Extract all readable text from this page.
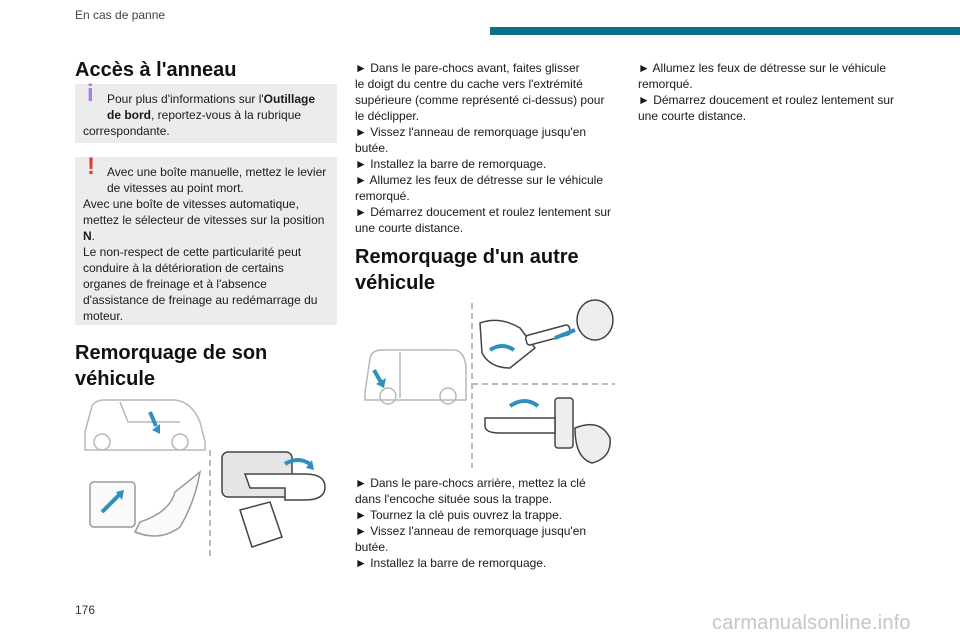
En cas de panne
Accès à l'anneau
i	Pour plus d'informations sur l'Outillage

de bord, reportez-vous à la rubrique

correspondante.

!	Avec une boîte manuelle, mettez le levier

de vitesses au point mort.

Avec une boîte de vitesses automatique,

mettez le sélecteur de vitesses sur la position

N.

Le non-respect de cette particularité peut

conduire à la détérioration de certains

organes de freinage et à l'absence

d'assistance de freinage au redémarrage du

moteur.

Remorquage de son
véhicule

► Dans le pare-chocs avant, faites glisser

le doigt du centre du cache vers l'extrémité

supérieure (comme représenté ci-dessus) pour

le déclipper.

► Vissez l'anneau de remorquage jusqu'en

butée.

► Installez la barre de remorquage.

► Allumez les feux de détresse sur le véhicule

remorqué.

► Démarrez doucement et roulez lentement sur

une courte distance.

Remorquage d'un autre
véhicule

► Dans le pare-chocs arrière, mettez la clé

dans l'encoche située sous la trappe.

► Tournez la clé puis ouvrez la trappe.

► Vissez l'anneau de remorquage jusqu'en

butée.

► Installez la barre de remorquage.

► Allumez les feux de détresse sur le véhicule

remorqué.

► Démarrez doucement et roulez lentement sur

une courte distance.

176
carmanualsonline.info
